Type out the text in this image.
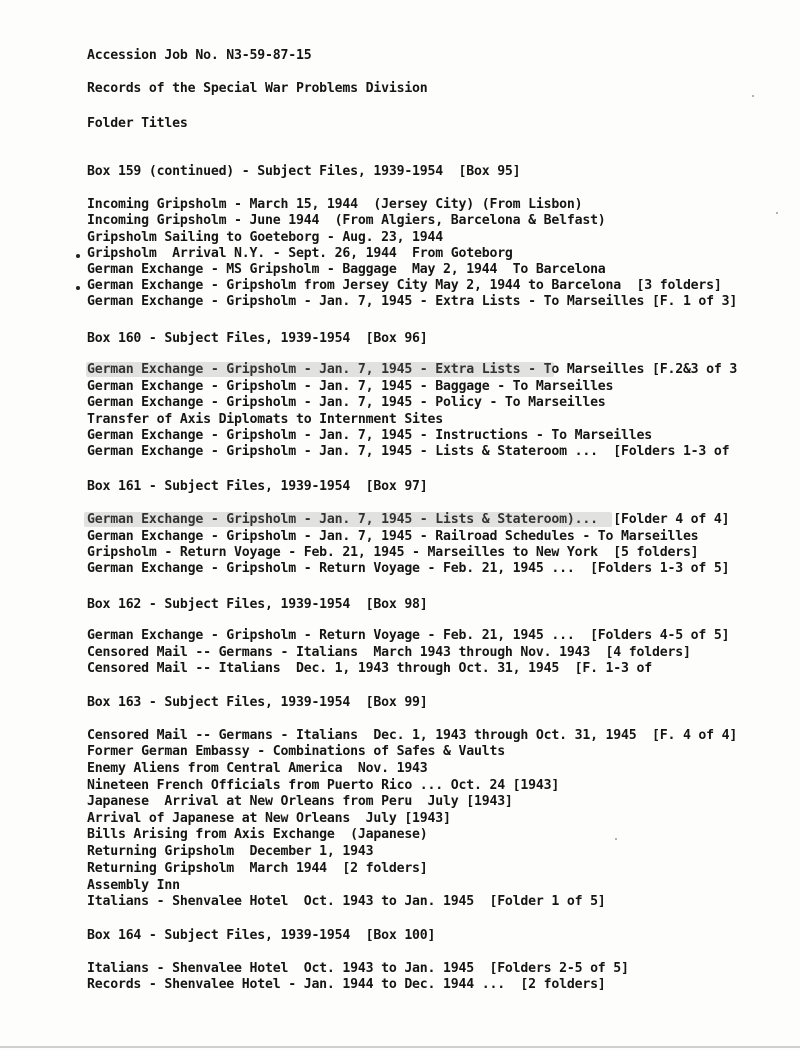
Accession Job No. N3-59-87-15
Records of the Special War Problems Division
Folder Titles
Box 159 (continued) - Subject Files, 1939-1954  [Box 95]
Incoming Gripsholm - March 15, 1944  (Jersey City) (From Lisbon)
Incoming Gripsholm - June 1944  (From Algiers, Barcelona & Belfast)
Gripsholm Sailing to Goeteborg - Aug. 23, 1944
Gripsholm  Arrival N.Y. - Sept. 26, 1944  From Goteborg
German Exchange - MS Gripsholm - Baggage  May 2, 1944  To Barcelona
German Exchange - Gripsholm from Jersey City May 2, 1944 to Barcelona  [3 folders]
German Exchange - Gripsholm - Jan. 7, 1945 - Extra Lists - To Marseilles [F. 1 of 3]
Box 160 - Subject Files, 1939-1954  [Box 96]
German Exchange - Gripsholm - Jan. 7, 1945 - Extra Lists - To Marseilles [F.2&3 of 3
German Exchange - Gripsholm - Jan. 7, 1945 - Baggage - To Marseilles
German Exchange - Gripsholm - Jan. 7, 1945 - Policy - To Marseilles
Transfer of Axis Diplomats to Internment Sites
German Exchange - Gripsholm - Jan. 7, 1945 - Instructions - To Marseilles
German Exchange - Gripsholm - Jan. 7, 1945 - Lists & Stateroom ...  [Folders 1-3 of
Box 161 - Subject Files, 1939-1954  [Box 97]
German Exchange - Gripsholm - Jan. 7, 1945 - Lists & Stateroom)...  [Folder 4 of 4]
German Exchange - Gripsholm - Jan. 7, 1945 - Railroad Schedules - To Marseilles
Gripsholm - Return Voyage - Feb. 21, 1945 - Marseilles to New York  [5 folders]
German Exchange - Gripsholm - Return Voyage - Feb. 21, 1945 ...  [Folders 1-3 of 5]
Box 162 - Subject Files, 1939-1954  [Box 98]
German Exchange - Gripsholm - Return Voyage - Feb. 21, 1945 ...  [Folders 4-5 of 5]
Censored Mail -- Germans - Italians  March 1943 through Nov. 1943  [4 folders]
Censored Mail -- Italians  Dec. 1, 1943 through Oct. 31, 1945  [F. 1-3 of
Box 163 - Subject Files, 1939-1954  [Box 99]
Censored Mail -- Germans - Italians  Dec. 1, 1943 through Oct. 31, 1945  [F. 4 of 4]
Former German Embassy - Combinations of Safes & Vaults
Enemy Aliens from Central America  Nov. 1943
Nineteen French Officials from Puerto Rico ... Oct. 24 [1943]
Japanese  Arrival at New Orleans from Peru  July [1943]
Arrival of Japanese at New Orleans  July [1943]
Bills Arising from Axis Exchange  (Japanese)
Returning Gripsholm  December 1, 1943
Returning Gripsholm  March 1944  [2 folders]
Assembly Inn
Italians - Shenvalee Hotel  Oct. 1943 to Jan. 1945  [Folder 1 of 5]
Box 164 - Subject Files, 1939-1954  [Box 100]
Italians - Shenvalee Hotel  Oct. 1943 to Jan. 1945  [Folders 2-5 of 5]
Records - Shenvalee Hotel - Jan. 1944 to Dec. 1944 ...  [2 folders]
